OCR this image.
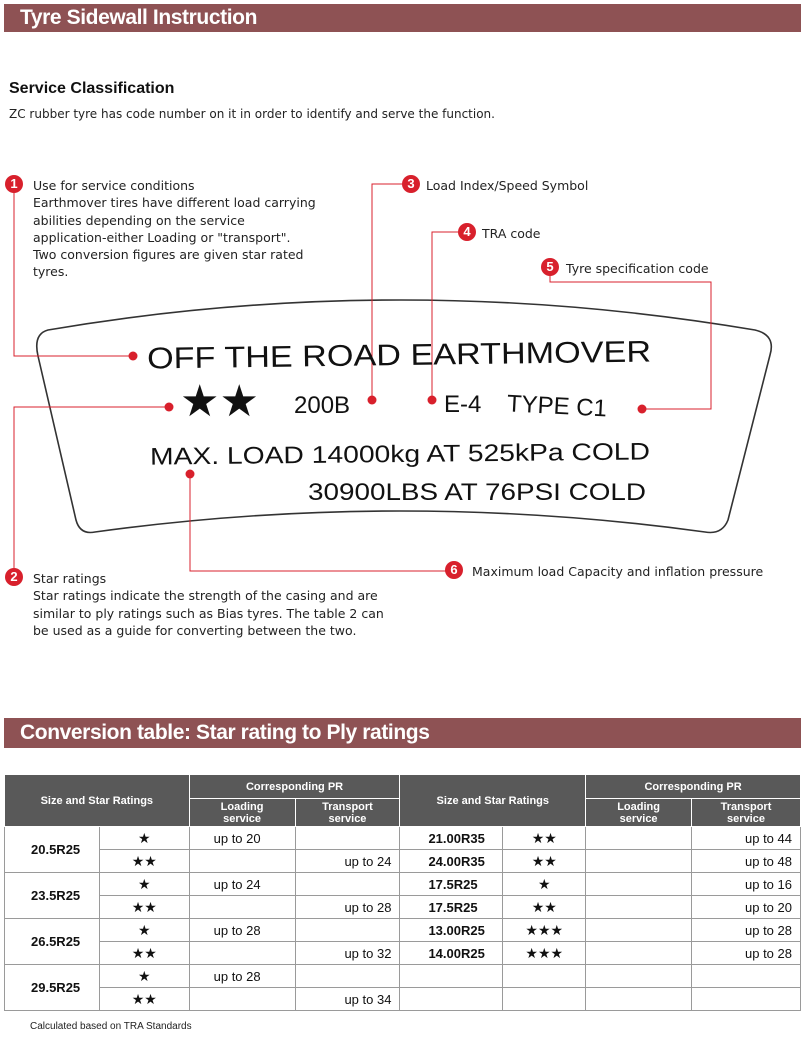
Tyre Sidewall Instruction
Service Classification
ZC rubber tyre has code number on it in order to identify and serve the function.
OFF THE ROAD EARTHMOVER
★★ 200B	E-4 TYPE C1
MAX. LOAD 14000kg AT 525kPa COLD
30900LBS AT 76PSI COLD
1
2
3
4
5
6
Use for service conditions
Earthmover tires have different load carrying
abilities depending on the service
application-either Loading or "transport".
Two conversion figures are given star rated
tyres.
Star ratings
Star ratings indicate the strength of the casing and are
similar to ply ratings such as Bias tyres. The table 2 can
be used as a guide for converting between the two.
Load Index/Speed Symbol
TRA code
Tyre specification code
Maximum load Capacity and inflation pressure
Conversion table: Star rating to Ply ratings
Size and Star Ratings		Corresponding PR		Size and Star Ratings		Corresponding PR	
		Loading service	Transport service			Loading service	Transport service
20.5R25	★	up to 20		21.00R35	★★		up to 44
	★★		up to 24	24.00R35	★★		up to 48
23.5R25	★	up to 24		17.5R25	★		up to 16
	★★		up to 28	17.5R25	★★		up to 20
26.5R25	★	up to 28		13.00R25	★★★		up to 28
	★★		up to 32	14.00R25	★★★		up to 28
29.5R25	★	up to 28					
	★★		up to 34				
Calculated based on TRA Standards
